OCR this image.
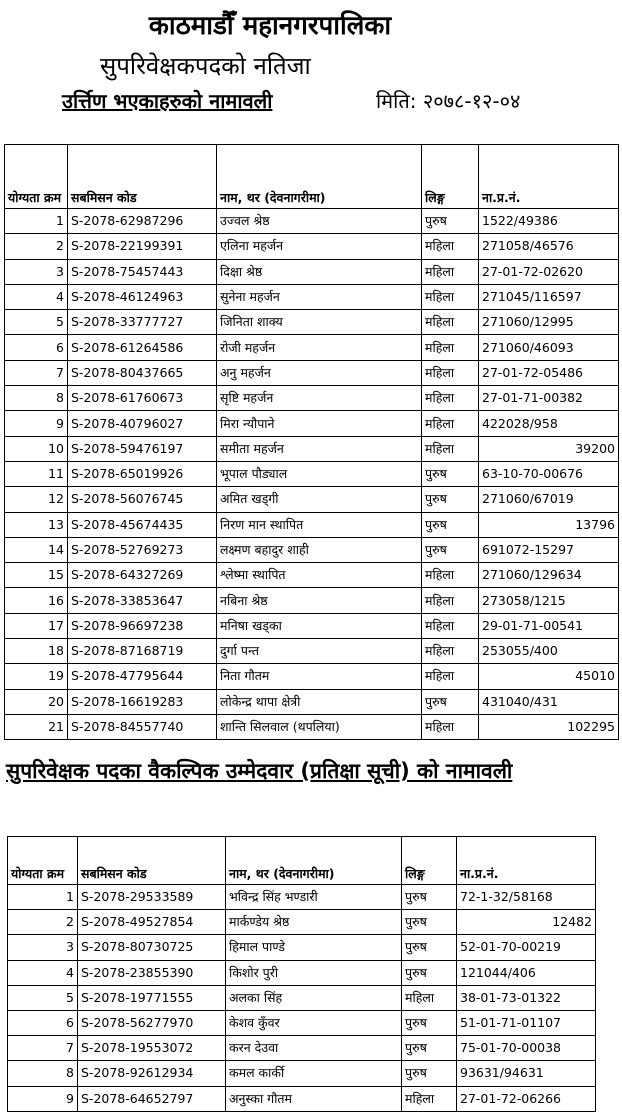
काठमाडौँ महानगरपालिका
सुपरिवेक्षकपदको नतिजा
उर्त्तिण भएकाहरुको नामावली	मिति: २०७८-१२-०४
योग्यता क्रम	सबमिसन कोड	नाम, थर (देवनागरीमा)	लिङ्ग	ना.प्र.नं.
1	S-2078-62987296	उज्वल श्रेष्ठ	पुरुष	1522/49386
2	S-2078-22199391	एलिना महर्जन	महिला	271058/46576
3	S-2078-75457443	दिक्षा श्रेष्ठ	महिला	27-01-72-02620
4	S-2078-46124963	सुनेना महर्जन	महिला	271045/116597
5	S-2078-33777727	जिनिता शाक्य	महिला	271060/12995
6	S-2078-61264586	रोजी महर्जन	महिला	271060/46093
7	S-2078-80437665	अनु महर्जन	महिला	27-01-72-05486
8	S-2078-61760673	सृष्टि महर्जन	महिला	27-01-71-00382
9	S-2078-40796027	मिरा न्यौपाने	महिला	422028/958
10	S-2078-59476197	समीता महर्जन	महिला	39200
11	S-2078-65019926	भूपाल पौड्याल	पुरुष	63-10-70-00676
12	S-2078-56076745	अमित खड्गी	पुरुष	271060/67019
13	S-2078-45674435	निरण मान स्थापित	पुरुष	13796
14	S-2078-52769273	लक्ष्मण बहादुर शाही	पुरुष	691072-15297
15	S-2078-64327269	श्लेष्मा स्थापित	महिला	271060/129634
16	S-2078-33853647	नबिना श्रेष्ठ	महिला	273058/1215
17	S-2078-96697238	मनिषा खड्का	महिला	29-01-71-00541
18	S-2078-87168719	दुर्गा पन्त	महिला	253055/400
19	S-2078-47795644	निता गौतम	महिला	45010
20	S-2078-16619283	लोकेन्द्र थापा क्षेत्री	पुरुष	431040/431
21	S-2078-84557740	शान्ति सिलवाल (थपलिया)	महिला	102295
सुपरिवेक्षक पदका वैकल्पिक उम्मेदवार (प्रतिक्षा सूची) को नामावली
योग्यता क्रम	सबमिसन कोड	नाम, थर (देवनागरीमा)	लिङ्ग	ना.प्र.नं.
1	S-2078-29533589	भविन्द्र सिंह भण्डारी	पुरुष	72-1-32/58168
2	S-2078-49527854	मार्कण्डेय श्रेष्ठ	पुरुष	12482
3	S-2078-80730725	हिमाल पाण्डे	पुरुष	52-01-70-00219
4	S-2078-23855390	किशोर पुरी	पुरुष	121044/406
5	S-2078-19771555	अलका सिंह	महिला	38-01-73-01322
6	S-2078-56277970	केशव कुँवर	पुरुष	51-01-71-01107
7	S-2078-19553072	करन देउवा	पुरुष	75-01-70-00038
8	S-2078-92612934	कमल कार्की	पुरुष	93631/94631
9	S-2078-64652797	अनुस्का गौतम	महिला	27-01-72-06266
